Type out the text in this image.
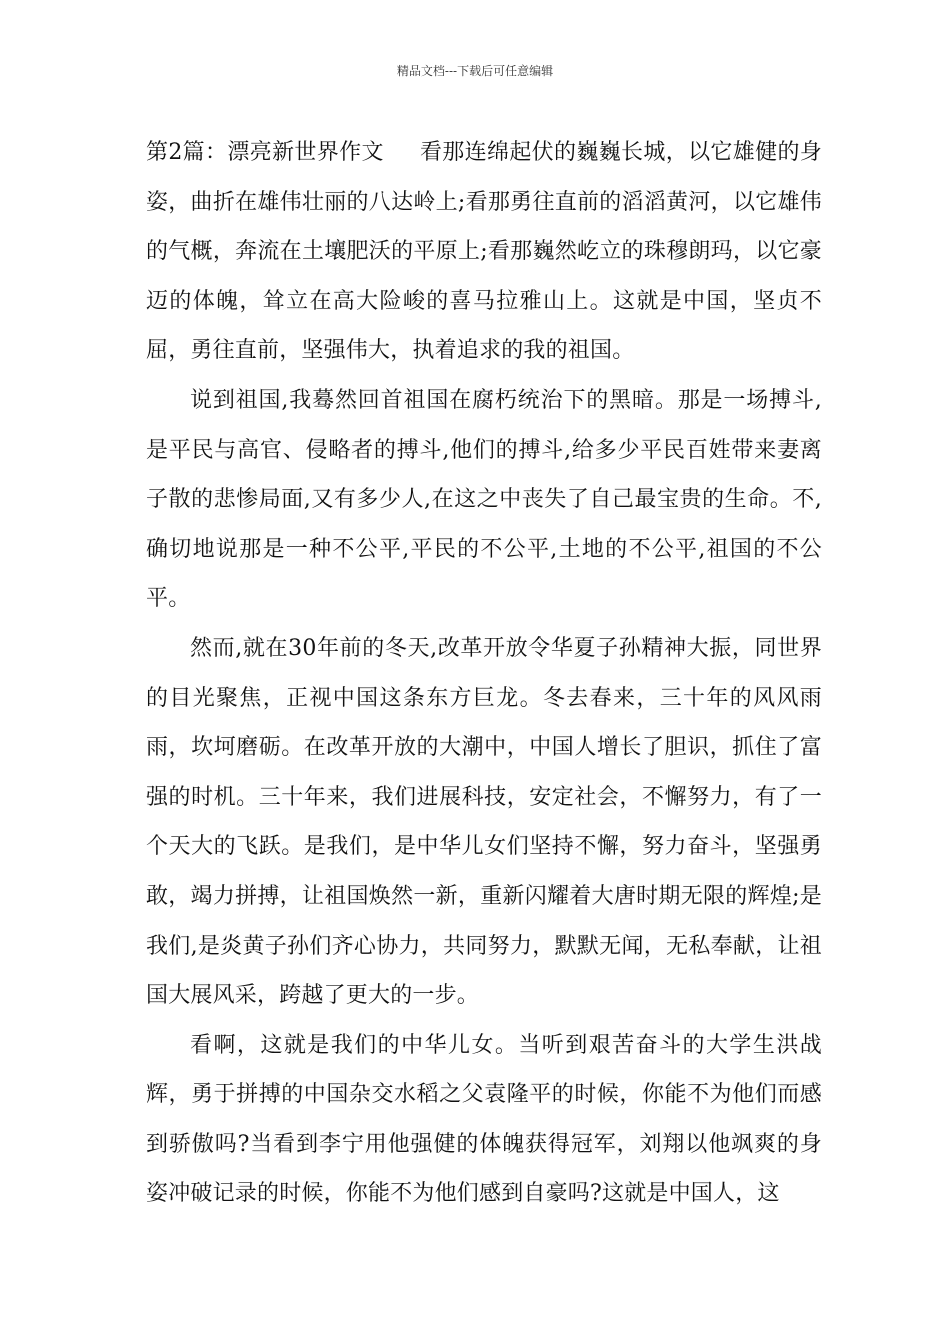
精品文档---下载后可任意编辑

第2篇：漂亮新世界作文 看那连绵起伏的巍巍长城，以它雄健的身姿，曲折在雄伟壮丽的八达岭上;看那勇往直前的滔滔黄河，以它雄伟的气概，奔流在土壤肥沃的平原上;看那巍然屹立的珠穆朗玛，以它豪迈的体魄，耸立在高大险峻的喜马拉雅山上。这就是中国，坚贞不屈，勇往直前，坚强伟大，执着追求的我的祖国。

说到祖国,我蓦然回首祖国在腐朽统治下的黑暗。那是一场搏斗,是平民与高官、侵略者的搏斗,他们的搏斗,给多少平民百姓带来妻离子散的悲惨局面,又有多少人,在这之中丧失了自己最宝贵的生命。不,确切地说那是一种不公平,平民的不公平,土地的不公平,祖国的不公平。

然而,就在30年前的冬天,改革开放令华夏子孙精神大振，同世界的目光聚焦，正视中国这条东方巨龙。冬去春来，三十年的风风雨雨，坎坷磨砺。在改革开放的大潮中，中国人增长了胆识，抓住了富强的时机。三十年来，我们进展科技，安定社会，不懈努力，有了一个天大的飞跃。是我们，是中华儿女们坚持不懈，努力奋斗，坚强勇敢，竭力拼搏，让祖国焕然一新，重新闪耀着大唐时期无限的辉煌;是我们,是炎黄子孙们齐心协力，共同努力，默默无闻，无私奉献，让祖国大展风采，跨越了更大的一步。

看啊，这就是我们的中华儿女。当听到艰苦奋斗的大学生洪战辉，勇于拼搏的中国杂交水稻之父袁隆平的时候，你能不为他们而感到骄傲吗?当看到李宁用他强健的体魄获得冠军，刘翔以他飒爽的身姿冲破记录的时候，你能不为他们感到自豪吗?这就是中国人，这
